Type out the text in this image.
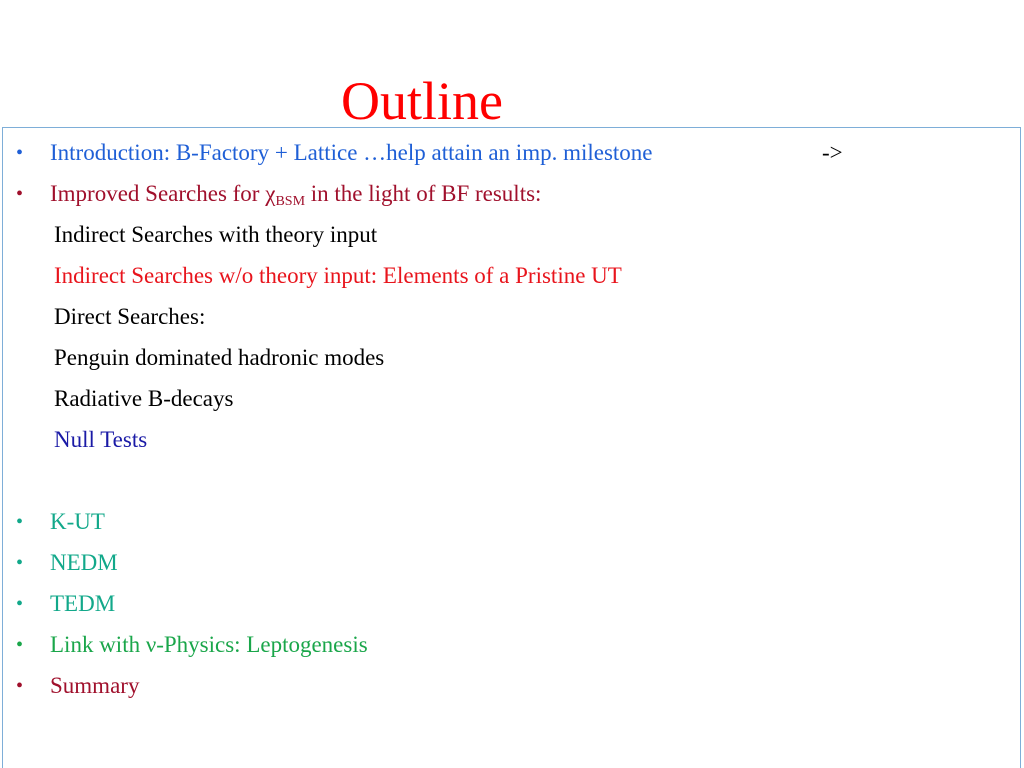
Outline
• Introduction: B-Factory + Lattice …help attain an imp. milestone	->
• Improved Searches for $\chi_{BSM}$ in the light of BF results:
Indirect Searches with theory input
Indirect Searches w/o theory input: Elements of a Pristine UT
Direct Searches:
Penguin dominated hadronic modes
Radiative B-decays
Null Tests
• K-UT
• NEDM
• TEDM
• Link with ν-Physics: Leptogenesis
• Summary
